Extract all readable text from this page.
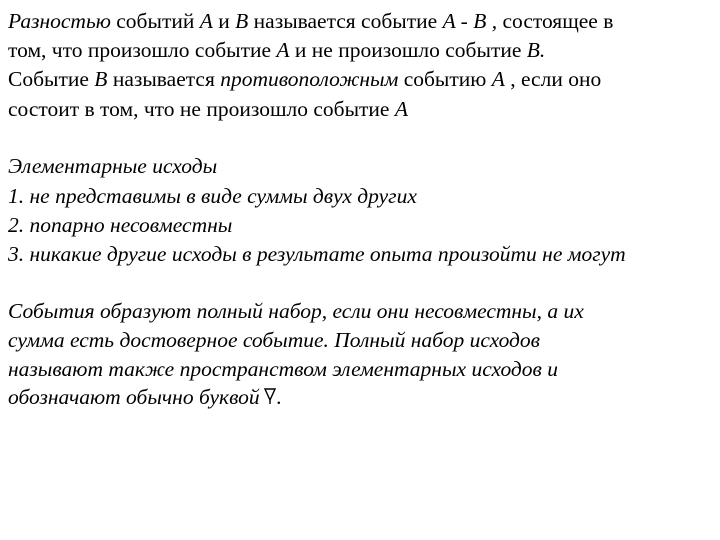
Разностью событий A и B называется событие A - B , состоящее в
том, что произошло событие A и не произошло событие B.
Событие B называется противоположным событию A , если оно
состоит в том, что не произошло событие A
Элементарные исходы
1. не представимы в виде суммы двух других
2. попарно несовместны
3. никакие другие исходы в результате опыта произойти не могут
События образуют полный набор, если они несовместны, а их
сумма есть достоверное событие. Полный набор исходов
называют также пространством элементарных исходов и
обозначают обычно буквой .
